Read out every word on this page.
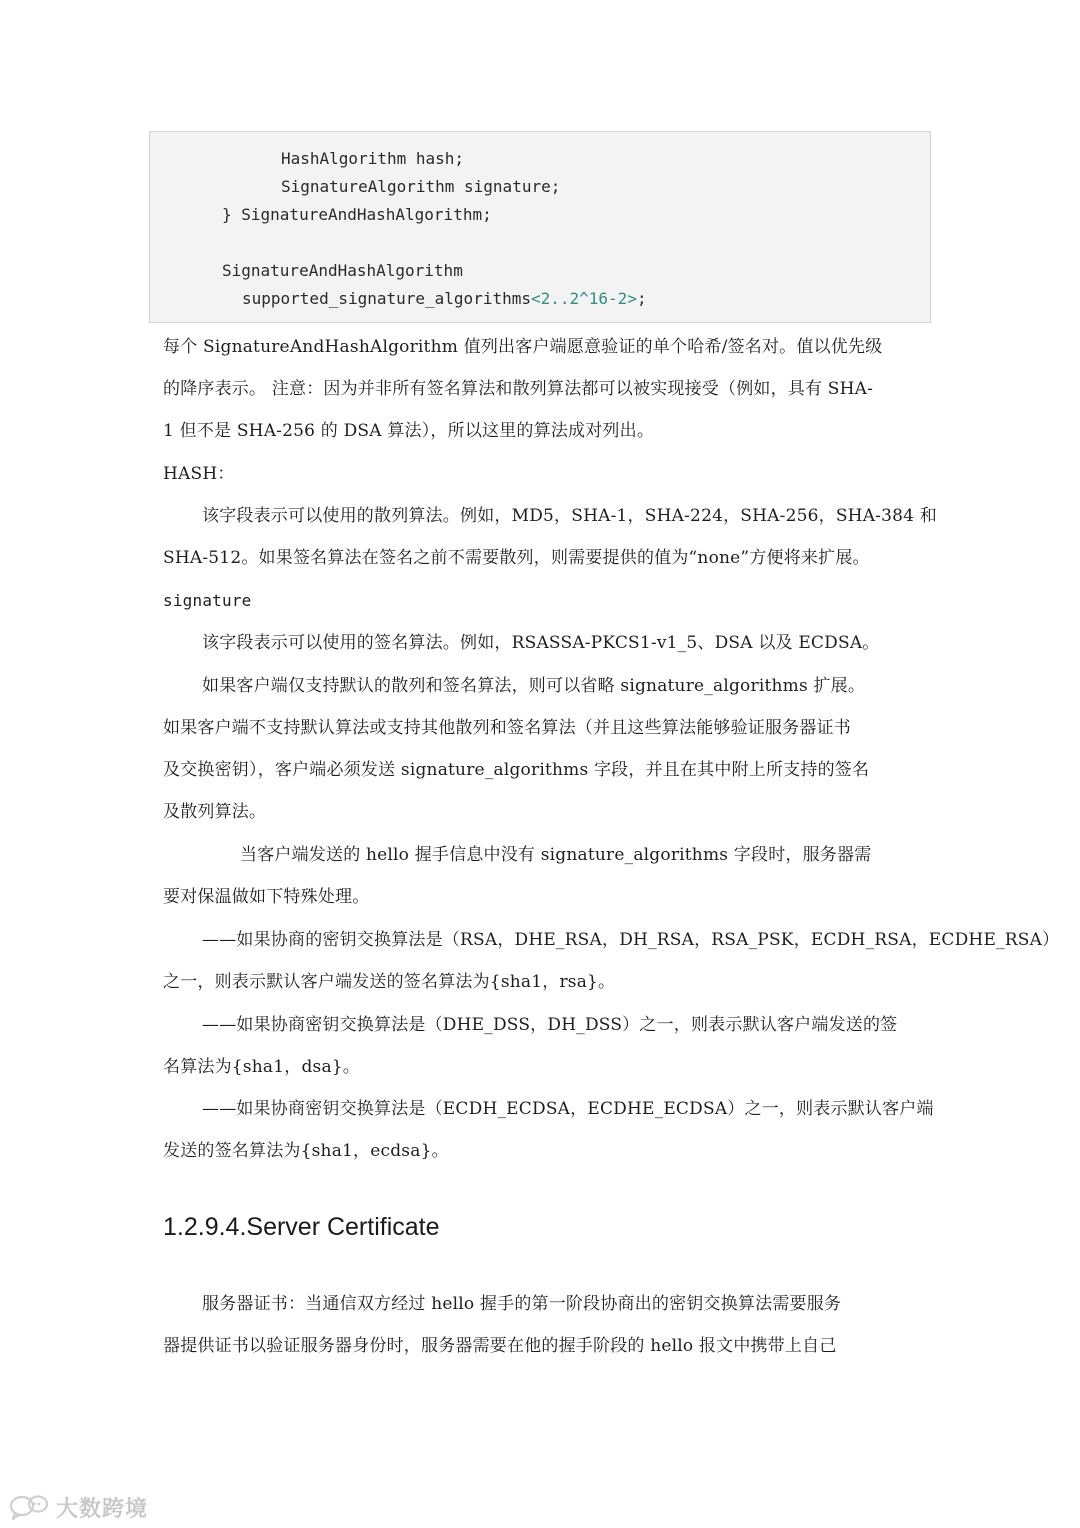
HashAlgorithm hash;
SignatureAlgorithm signature;
} SignatureAndHashAlgorithm;
SignatureAndHashAlgorithm
supported_signature_algorithms<2..2^16-2>;
每个 SignatureAndHashAlgorithm 值列出客户端愿意验证的单个哈希/签名对。值以优先级
的降序表示。 注意：因为并非所有签名算法和散列算法都可以被实现接受（例如，具有 SHA-
1 但不是 SHA-256 的 DSA 算法），所以这里的算法成对列出。
HASH：
该字段表示可以使用的散列算法。例如，MD5，SHA-1，SHA-224，SHA-256，SHA-384 和
SHA-512。如果签名算法在签名之前不需要散列，则需要提供的值为“none”方便将来扩展。
signature
该字段表示可以使用的签名算法。例如，RSASSA-PKCS1-v1_5、DSA 以及 ECDSA。
如果客户端仅支持默认的散列和签名算法，则可以省略 signature_algorithms 扩展。
如果客户端不支持默认算法或支持其他散列和签名算法（并且这些算法能够验证服务器证书
及交换密钥），客户端必须发送 signature_algorithms 字段，并且在其中附上所支持的签名
及散列算法。
当客户端发送的 hello 握手信息中没有 signature_algorithms 字段时，服务器需
要对保温做如下特殊处理。
——如果协商的密钥交换算法是（RSA，DHE_RSA，DH_RSA，RSA_PSK，ECDH_RSA，ECDHE_RSA）
之一，则表示默认客户端发送的签名算法为{sha1，rsa}。
——如果协商密钥交换算法是（DHE_DSS，DH_DSS）之一，则表示默认客户端发送的签
名算法为{sha1，dsa}。
——如果协商密钥交换算法是（ECDH_ECDSA，ECDHE_ECDSA）之一，则表示默认客户端
发送的签名算法为{sha1，ecdsa}。
1.2.9.4.Server Certificate
服务器证书：当通信双方经过 hello 握手的第一阶段协商出的密钥交换算法需要服务
器提供证书以验证服务器身份时，服务器需要在他的握手阶段的 hello 报文中携带上自己
大数跨境
